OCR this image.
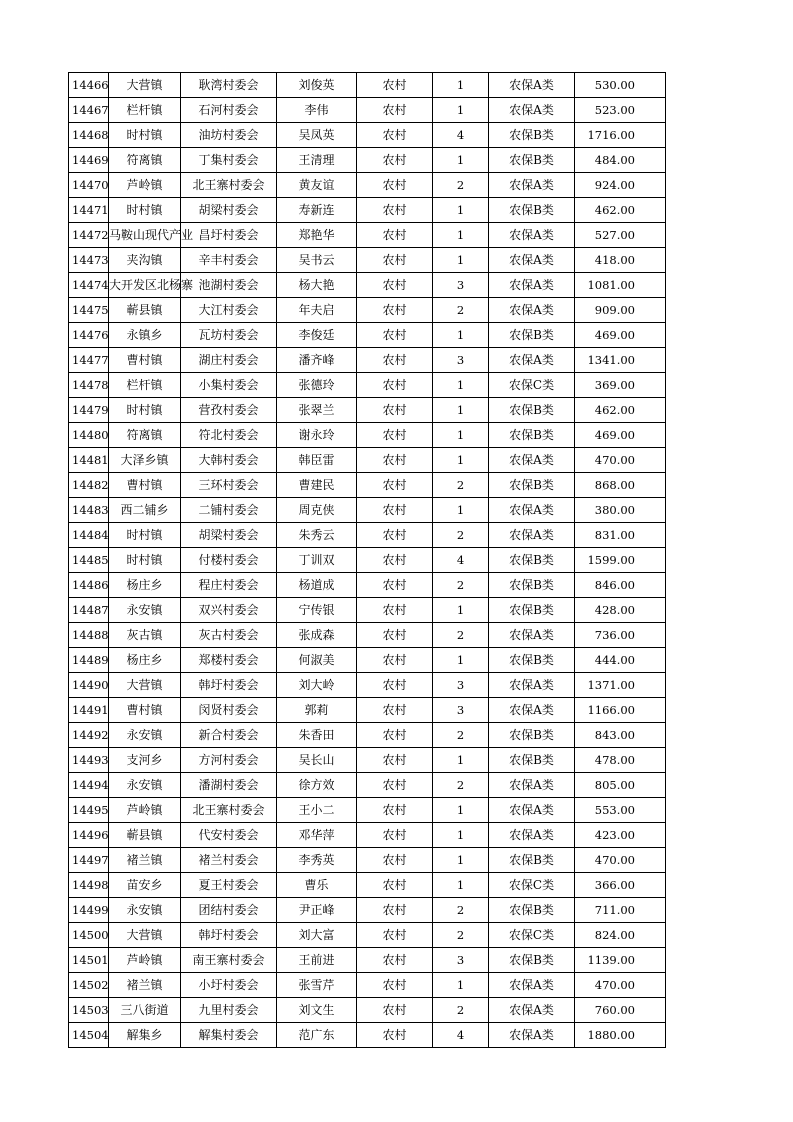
14466	大营镇	耿湾村委会	刘俊英	农村	1	农保A类	530.00
14467	栏杆镇	石河村委会	李伟	农村	1	农保A类	523.00
14468	时村镇	油坊村委会	吴凤英	农村	4	农保B类	1716.00
14469	符离镇	丁集村委会	王清理	农村	1	农保B类	484.00
14470	芦岭镇	北王寨村委会	黄友谊	农村	2	农保A类	924.00
14471	时村镇	胡梁村委会	寿新连	农村	1	农保B类	462.00
14472	马鞍山现代产业	昌圩村委会	郑艳华	农村	1	农保A类	527.00
14473	夹沟镇	辛丰村委会	吴书云	农村	1	农保A类	418.00
14474	大开发区北杨寨	池湖村委会	杨大艳	农村	3	农保A类	1081.00
14475	蕲县镇	大江村委会	年夫启	农村	2	农保A类	909.00
14476	永镇乡	瓦坊村委会	李俊廷	农村	1	农保B类	469.00
14477	曹村镇	湖庄村委会	潘齐峰	农村	3	农保A类	1341.00
14478	栏杆镇	小集村委会	张德玲	农村	1	农保C类	369.00
14479	时村镇	营孜村委会	张翠兰	农村	1	农保B类	462.00
14480	符离镇	符北村委会	谢永玲	农村	1	农保B类	469.00
14481	大泽乡镇	大韩村委会	韩臣雷	农村	1	农保A类	470.00
14482	曹村镇	三环村委会	曹建民	农村	2	农保B类	868.00
14483	西二铺乡	二铺村委会	周克侠	农村	1	农保A类	380.00
14484	时村镇	胡梁村委会	朱秀云	农村	2	农保A类	831.00
14485	时村镇	付楼村委会	丁训双	农村	4	农保B类	1599.00
14486	杨庄乡	程庄村委会	杨道成	农村	2	农保B类	846.00
14487	永安镇	双兴村委会	宁传银	农村	1	农保B类	428.00
14488	灰古镇	灰古村委会	张成森	农村	2	农保A类	736.00
14489	杨庄乡	郑楼村委会	何淑美	农村	1	农保B类	444.00
14490	大营镇	韩圩村委会	刘大岭	农村	3	农保A类	1371.00
14491	曹村镇	闵贤村委会	郭莉	农村	3	农保A类	1166.00
14492	永安镇	新合村委会	朱香田	农村	2	农保B类	843.00
14493	支河乡	方河村委会	吴长山	农村	1	农保B类	478.00
14494	永安镇	潘湖村委会	徐方效	农村	2	农保A类	805.00
14495	芦岭镇	北王寨村委会	王小二	农村	1	农保A类	553.00
14496	蕲县镇	代安村委会	邓华萍	农村	1	农保A类	423.00
14497	褚兰镇	褚兰村委会	李秀英	农村	1	农保B类	470.00
14498	苗安乡	夏王村委会	曹乐	农村	1	农保C类	366.00
14499	永安镇	团结村委会	尹正峰	农村	2	农保B类	711.00
14500	大营镇	韩圩村委会	刘大富	农村	2	农保C类	824.00
14501	芦岭镇	南王寨村委会	王前进	农村	3	农保B类	1139.00
14502	褚兰镇	小圩村委会	张雪芹	农村	1	农保A类	470.00
14503	三八街道	九里村委会	刘文生	农村	2	农保A类	760.00
14504	解集乡	解集村委会	范广东	农村	4	农保A类	1880.00
